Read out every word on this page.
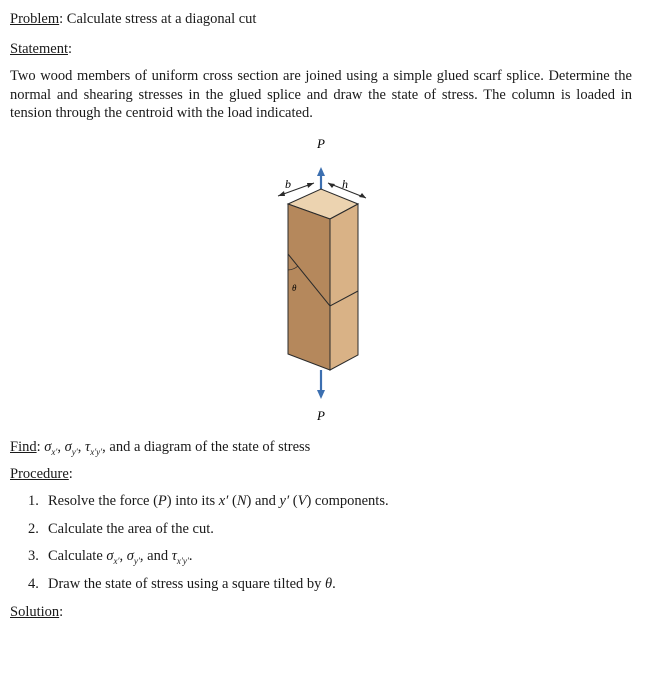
Problem: Calculate stress at a diagonal cut
Statement:
Two wood members of uniform cross section are joined using a simple glued scarf splice. Determine the normal and shearing stresses in the glued splice and draw the state of stress. The column is loaded in tension through the centroid with the load indicated.
P
P
b	h
θ
Find: $\sigma_{x'}$, $\sigma_{y'}$, $\tau_{x'y'}$, and a diagram of the state of stress
Procedure:
1. Resolve the force (P) into its x′ (N) and y′ (V) components.
2. Calculate the area of the cut.
3. Calculate $\sigma_{x'}$, $\sigma_{y'}$, and $\tau_{x'y'}$.
4. Draw the state of stress using a square tilted by θ.
Solution:
